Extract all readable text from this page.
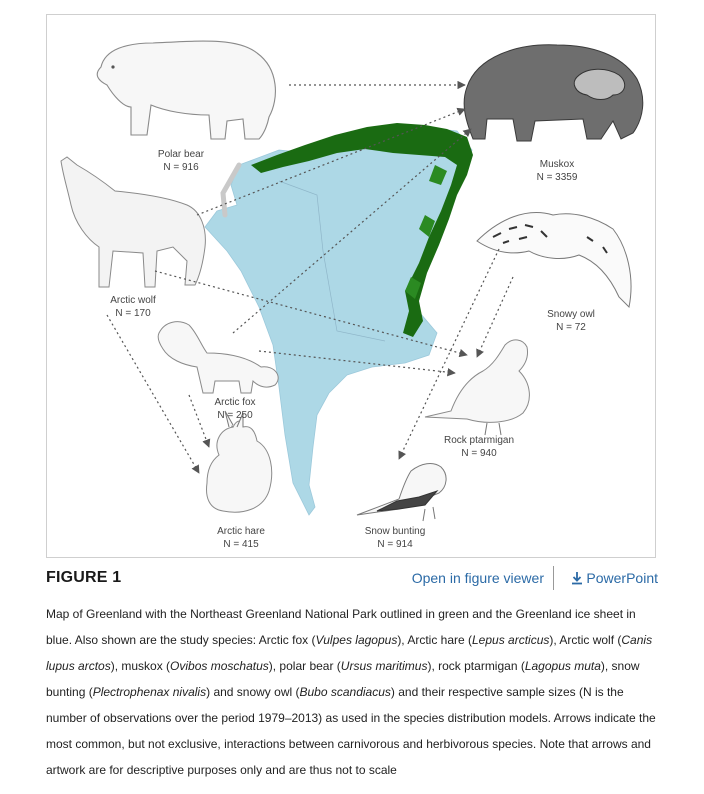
Polar bear
N = 916	Muskox
N = 3359
Arctic wolf
N = 170	Snowy owl
N = 72
Arctic fox
N = 250
Rock ptarmigan
N = 940
Arctic hare
N = 415
Snow bunting
N = 914
FIGURE 1	Open in figure viewer	PowerPoint
Map of Greenland with the Northeast Greenland National Park outlined in green and the Greenland ice sheet in blue. Also shown are the study species: Arctic fox (Vulpes lagopus), Arctic hare (Lepus arcticus), Arctic wolf (Canis lupus arctos), muskox (Ovibos moschatus), polar bear (Ursus maritimus), rock ptarmigan (Lagopus muta), snow bunting (Plectrophenax nivalis) and snowy owl (Bubo scandiacus) and their respective sample sizes (N is the number of observations over the period 1979–2013) as used in the species distribution models. Arrows indicate the most common, but not exclusive, interactions between carnivorous and herbivorous species. Note that arrows and artwork are for descriptive purposes only and are thus not to scale
